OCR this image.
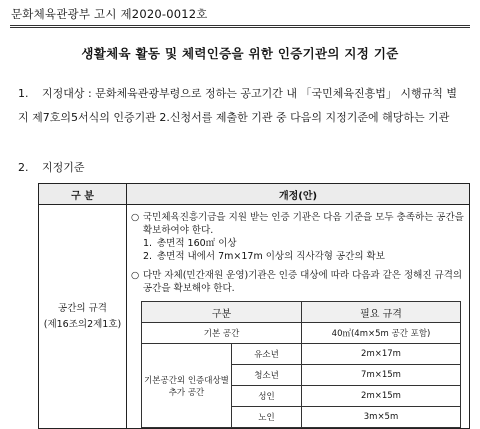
문화체육관광부 고시 제2020-0012호
생활체육 활동 및 체력인증을 위한 인증기관의 지정 기준
1. 지정대상 : 문화체육관광부령으로 정하는 공고기간 내 「국민체육진흥법」 시행규칙 별지 제7호의5서식의 인증기관 2.신청서를 제출한 기관 중 다음의 지정기준에 해당하는 기관
2. 지정기준
구 분	개정(안)

공간의 규격
(제16조의2제1호)

○ 국민체육진흥기금을 지원 받는 인증 기관은 다음 기준을 모두 충족하는 공간을 확보하여야 한다.
1. 총면적 160㎡ 이상
2. 총면적 내에서 7m×17m 이상의 직사각형 공간의 확보
○ 다만 자체(민간재원 운영)기관은 인증 대상에 따라 다음과 같은 정해진 규격의 공간을 확보해야 한다.
구분	필요 규격
기본 공간	40㎡(4m×5m 공간 포함)

기본공간외 인증대상별
추가 공간
	유소년	2m×17m
청소년	7m×15m
성인	2m×15m
노인	3m×5m
